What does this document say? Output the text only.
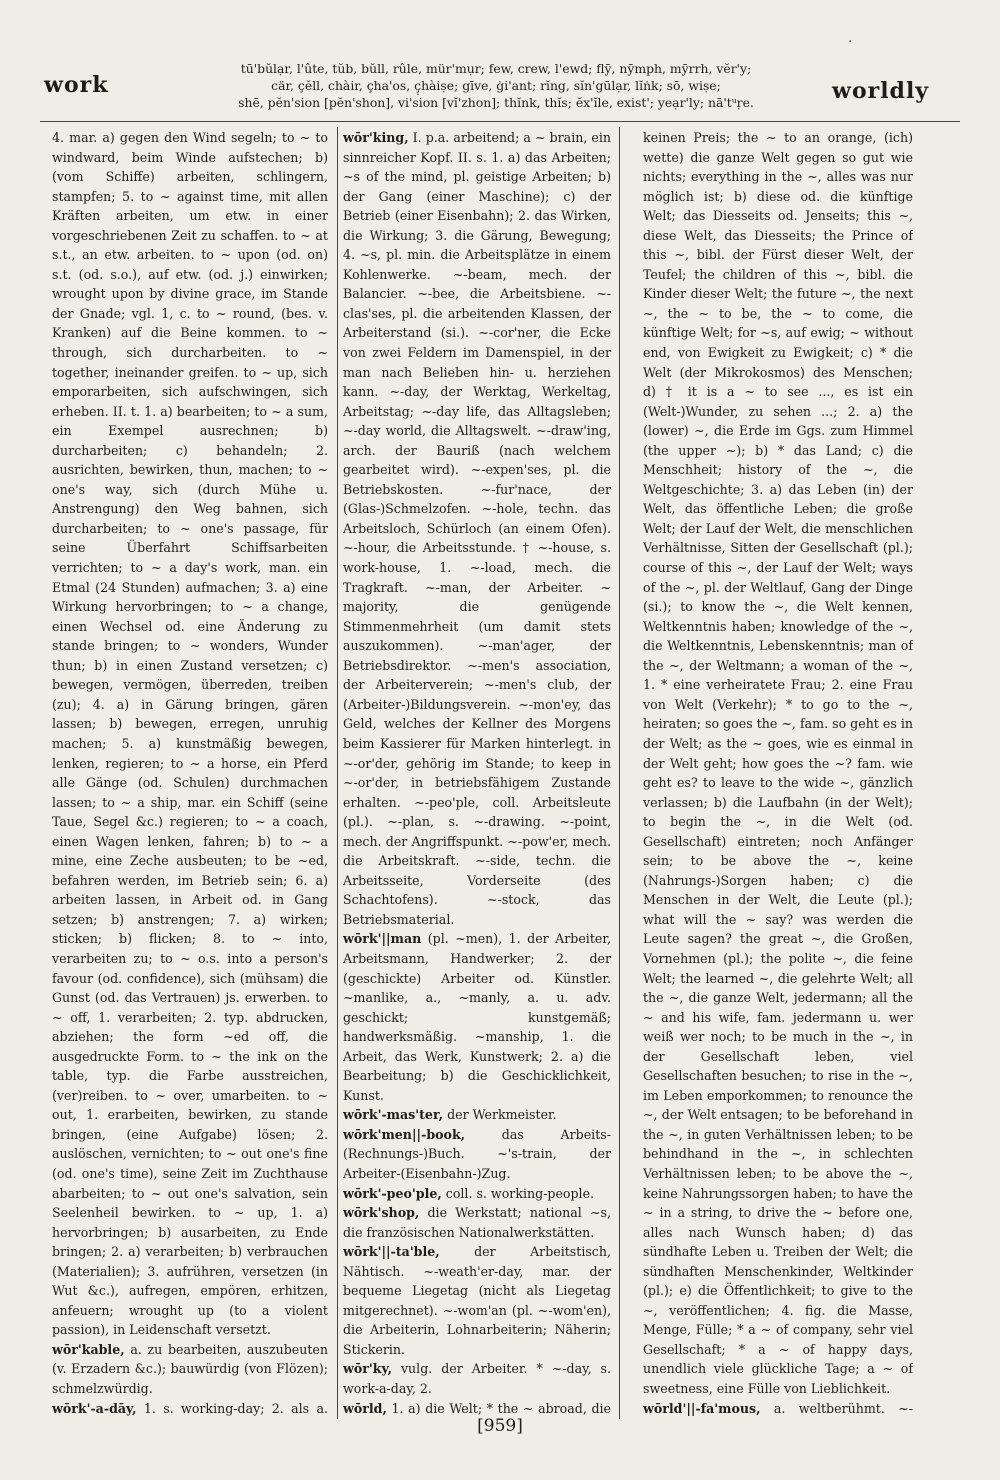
·
work
tū'bŭlạr, l'ûte, tŭb, bŭll, rûle, mür'mụr; few, crew, l'ewd; flȳ, nȳmph, mȳrrh, vĕr'y;
cär, çĕll, chàir, çha'os, ç̣hàiṣe; gīve, ġi'ant; rĭng, sĭn'gūlạr, lĭṅk; sō, wiṣe;
shē, pĕn'sion [pĕn'shon], vi'sion [vĭ'zhon]; thĭnk, thĭs; ĕx'ĭle, exist'; yeạr'ly; nā'tᵘṛe.	worldly

4. mar. a) gegen den Wind segeln; to ~ to windward, beim Winde aufstechen; b) (vom Schiffe) arbeiten, schlingern, stampfen; 5. to ~ against time, mit allen Kräften arbeiten, um etw. in einer vorgeschriebenen Zeit zu schaffen. to ~ at s.t., an etw. arbeiten. to ~ upon (od. on) s.t. (od. s.o.), auf etw. (od. j.) einwirken; wrought upon by divine grace, im Stande der Gnade; vgl. 1, c. to ~ round, (bes. v. Kranken) auf die Beine kommen. to ~ through, sich durcharbeiten. to ~ together, ineinander greifen. to ~ up, sich emporarbeiten, sich aufschwingen, sich erheben. II. t. 1. a) bearbeiten; to ~ a sum, ein Exempel ausrechnen; b) durcharbeiten; c) behandeln; 2. ausrichten, bewirken, thun, machen; to ~ one's way, sich (durch Mühe u. Anstrengung) den Weg bahnen, sich durcharbeiten; to ~ one's passage, für seine Überfahrt Schiffsarbeiten verrichten; to ~ a day's work, man. ein Etmal (24 Stunden) aufmachen; 3. a) eine Wirkung hervorbringen; to ~ a change, einen Wechsel od. eine Änderung zu stande bringen; to ~ wonders, Wunder thun; b) in einen Zustand versetzen; c) bewegen, vermögen, überreden, treiben (zu); 4. a) in Gärung bringen, gären lassen; b) bewegen, erregen, unruhig machen; 5. a) kunstmäßig bewegen, lenken, regieren; to ~ a horse, ein Pferd alle Gänge (od. Schulen) durchmachen lassen; to ~ a ship, mar. ein Schiff (seine Taue, Segel &c.) regieren; to ~ a coach, einen Wagen lenken, fahren; b) to ~ a mine, eine Zeche ausbeuten; to be ~ed, befahren werden, im Betrieb sein; 6. a) arbeiten lassen, in Arbeit od. in Gang setzen; b) anstrengen; 7. a) wirken; sticken; b) flicken; 8. to ~ into, verarbeiten zu; to ~ o.s. into a person's favour (od. confidence), sich (mühsam) die Gunst (od. das Vertrauen) js. erwerben. to ~ off, 1. verarbeiten; 2. typ. abdrucken, abziehen; the form ~ed off, die ausgedruckte Form. to ~ the ink on the table, typ. die Farbe ausstreichen, (ver)reiben. to ~ over, umarbeiten. to ~ out, 1. erarbeiten, bewirken, zu stande bringen, (eine Aufgabe) lösen; 2. auslöschen, vernichten; to ~ out one's fine (od. one's time), seine Zeit im Zuchthause abarbeiten; to ~ out one's salvation, sein Seelenheil bewirken. to ~ up, 1. a) hervorbringen; b) ausarbeiten, zu Ende bringen; 2. a) verarbeiten; b) verbrauchen (Materialien); 3. aufrühren, versetzen (in Wut &c.), aufregen, empören, erhitzen, anfeuern; wrought up (to a violent passion), in Leidenschaft versetzt.

wōr'kable, a. zu bearbeiten, auszubeuten (v. Erzadern &c.); bauwürdig (von Flözen); schmelzwürdig.

wōrk'-a-dāy, 1. s. working-day; 2. als a.

wōr'king, I. p.a. arbeitend; a ~ brain, ein sinnreicher Kopf. II. s. 1. a) das Arbeiten; ~s of the mind, pl. geistige Arbeiten; b) der Gang (einer Maschine); c) der Betrieb (einer Eisenbahn); 2. das Wirken, die Wirkung; 3. die Gärung, Bewegung; 4. ~s, pl. min. die Arbeitsplätze in einem Kohlenwerke. ~-beam, mech. der Balancier. ~-bee, die Arbeitsbiene. ~-clas'ses, pl. die arbeitenden Klassen, der Arbeiterstand (si.). ~-cor'ner, die Ecke von zwei Feldern im Damenspiel, in der man nach Belieben hin- u. herziehen kann. ~-day, der Werktag, Werkeltag, Arbeitstag; ~-day life, das Alltagsleben; ~-day world, die Alltagswelt. ~-draw'ing, arch. der Bauriß (nach welchem gearbeitet wird). ~-expen'ses, pl. die Betriebskosten. ~-fur'nace, der (Glas-)Schmelzofen. ~-hole, techn. das Arbeitsloch, Schürloch (an einem Ofen). ~-hour, die Arbeitsstunde. † ~-house, s. work-house, 1. ~-load, mech. die Tragkraft. ~-man, der Arbeiter. ~ majority, die genügende Stimmenmehrheit (um damit stets auszukommen). ~-man'ager, der Betriebsdirektor. ~-men's association, der Arbeiterverein; ~-men's club, der (Arbeiter-)Bildungsverein. ~-mon'ey, das Geld, welches der Kellner des Morgens beim Kassierer für Marken hinterlegt. in ~-or'der, gehörig im Stande; to keep in ~-or'der, in betriebsfähigem Zustande erhalten. ~-peo'ple, coll. Arbeitsleute (pl.). ~-plan, s. ~-drawing. ~-point, mech. der Angriffspunkt. ~-pow'er, mech. die Arbeitskraft. ~-side, techn. die Arbeitsseite, Vorderseite (des Schachtofens). ~-stock, das Betriebsmaterial.

wōrk'||man (pl. ~men), 1. der Arbeiter, Arbeitsmann, Handwerker; 2. der (geschickte) Arbeiter od. Künstler. ~manlike, a., ~manly, a. u. adv. geschickt; kunstgemäß; handwerksmäßig. ~manship, 1. die Arbeit, das Werk, Kunstwerk; 2. a) die Bearbeitung; b) die Geschicklichkeit, Kunst.

wōrk'-mas'ter, der Werkmeister.

wōrk'men||-book,	das Arbeits-(Rechnungs-)Buch. ~'s-train, der Arbeiter-(Eisenbahn-)Zug.

wōrk'-peo'ple, coll. s. working-people.

wōrk'shop, die Werkstatt; national ~s, die französischen Nationalwerkstätten.

wōrk'||-ta'ble,	der Arbeitstisch, Nähtisch. ~-weath'er-day, mar. der bequeme Liegetag (nicht als Liegetag mitgerechnet). ~-wom'an (pl. ~-wom'en), die Arbeiterin, Lohnarbeiterin; Näherin; Stickerin.

wōr'ky, vulg. der Arbeiter. * ~-day, s. work-a-day, 2.

wōrld, 1. a) die Welt; * the ~ abroad, die

keinen Preis; the ~ to an orange, (ich) wette) die ganze Welt gegen so gut wie nichts; everything in the ~, alles was nur möglich ist; b) diese od. die künftige Welt; das Diesseits od. Jenseits; this ~, diese Welt, das Diesseits; the Prince of this ~, bibl. der Fürst dieser Welt, der Teufel; the children of this ~, bibl. die Kinder dieser Welt; the future ~, the next ~, the ~ to be, the ~ to come, die künftige Welt; for ~s, auf ewig; ~ without end, von Ewigkeit zu Ewigkeit; c) * die Welt (der Mikrokosmos) des Menschen; d) † it is a ~ to see ..., es ist ein (Welt-)Wunder, zu sehen ...; 2. a) the (lower) ~, die Erde im Ggs. zum Himmel (the upper ~); b) * das Land; c) die Menschheit; history of the ~, die Weltgeschichte; 3. a) das Leben (in) der Welt, das öffentliche Leben; die große Welt; der Lauf der Welt, die menschlichen Verhältnisse, Sitten der Gesellschaft (pl.); course of this ~, der Lauf der Welt; ways of the ~, pl. der Weltlauf, Gang der Dinge (si.); to know the ~, die Welt kennen, Weltkenntnis haben; knowledge of the ~, die Weltkenntnis, Lebenskenntnis; man of the ~, der Weltmann; a woman of the ~, 1. * eine verheiratete Frau; 2. eine Frau von Welt (Verkehr); * to go to the ~, heiraten; so goes the ~, fam. so geht es in der Welt; as the ~ goes, wie es einmal in der Welt geht; how goes the ~? fam. wie geht es? to leave to the wide ~, gänzlich verlassen; b) die Laufbahn (in der Welt); to begin the ~, in die Welt (od. Gesellschaft) eintreten; noch Anfänger sein; to be above the ~, keine (Nahrungs-)Sorgen haben; c) die Menschen in der Welt, die Leute (pl.); what will the ~ say? was werden die Leute sagen? the great ~, die Großen, Vornehmen (pl.); the polite ~, die feine Welt; the learned ~, die gelehrte Welt; all the ~, die ganze Welt, jedermann; all the ~ and his wife, fam. jedermann u. wer weiß wer noch; to be much in the ~, in der Gesellschaft leben, viel Gesellschaften besuchen; to rise in the ~, im Leben emporkommen; to renounce the ~, der Welt entsagen; to be beforehand in the ~, in guten Verhältnissen leben; to be behindhand in the ~, in schlechten Verhältnissen leben; to be above the ~, keine Nahrungssorgen haben; to have the ~ in a string, to drive the ~ before one, alles nach Wunsch haben; d) das sündhafte Leben u. Treiben der Welt; die sündhaften Menschenkinder, Weltkinder (pl.); e) die Öffentlichkeit; to give to the ~, veröffentlichen; 4. fig. die Masse, Menge, Fülle; * a ~ of company, sehr viel Gesellschaft; * a ~ of happy days, unendlich viele glückliche Tage; a ~ of sweetness, eine Fülle von Lieblichkeit.

wōrld'||-fa'mous, a. weltberühmt. ~-

[959]
